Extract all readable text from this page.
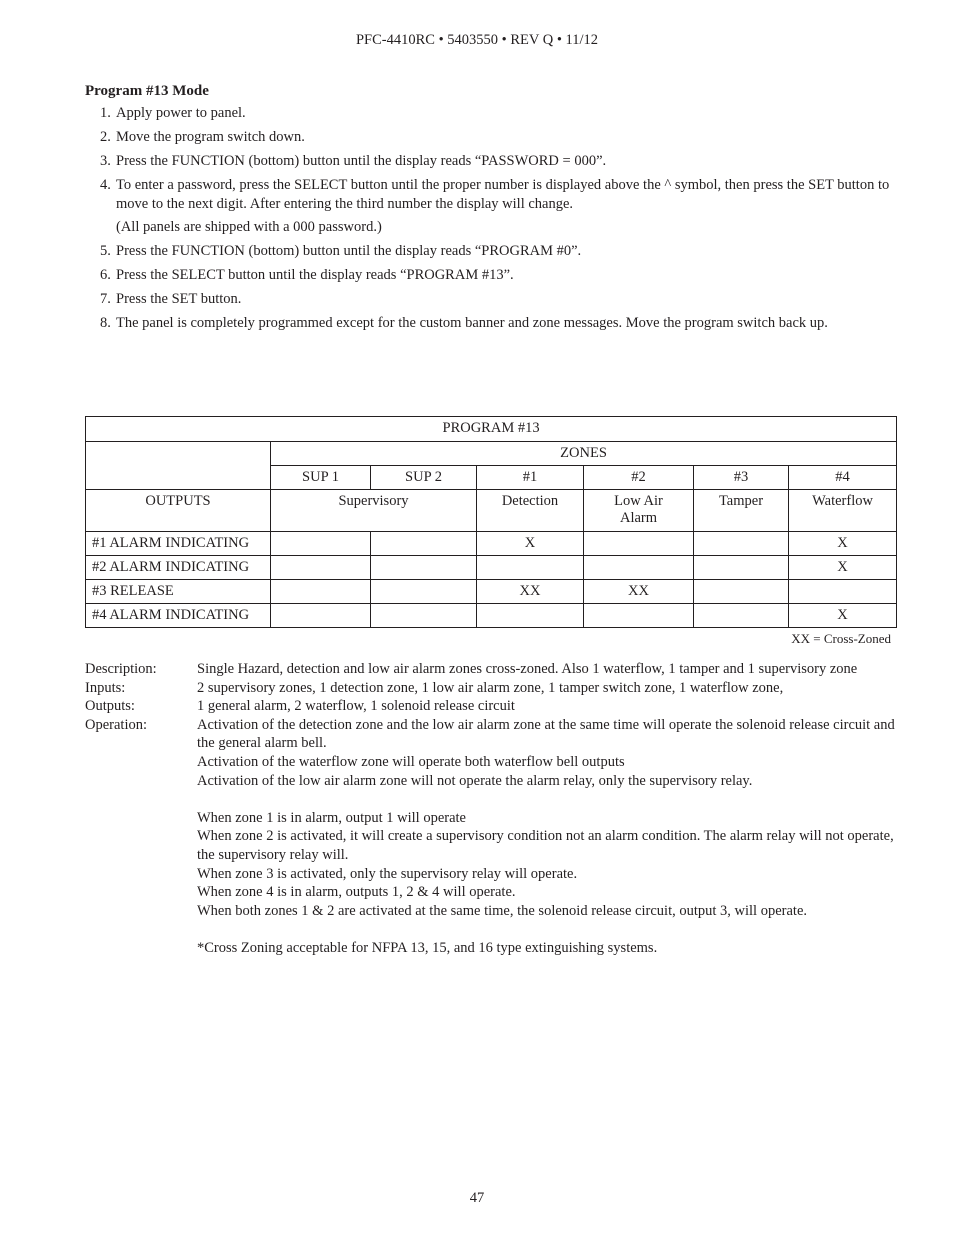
PFC-4410RC • 5403550 • REV Q • 11/12
Program #13 Mode
1. Apply power to panel.
2. Move the program switch down.
3. Press the FUNCTION (bottom) button until the display reads “PASSWORD = 000”.
4. To enter a password, press the SELECT button until the proper number is displayed above the ^ symbol, then press the SET button to move to the next digit. After entering the third number the display will change.
(All panels are shipped with a 000 password.)
5. Press the FUNCTION (bottom) button until the display reads “PROGRAM #0”.
6. Press the SELECT button until the display reads “PROGRAM #13”.
7. Press the SET button.
8. The panel is completely programmed except for the custom banner and zone messages. Move the program switch back up.
PROGRAM #13						
	ZONES					
	SUP 1	SUP 2	#1	#2	#3	#4
OUTPUTS	Supervisory		Detection	Low Air Alarm	Tamper	Waterflow
#1 ALARM INDICATING			X			X
#2 ALARM INDICATING						X
#3 RELEASE			XX	XX		
#4 ALARM INDICATING						X
XX = Cross-Zoned
Description:	Single Hazard, detection and low air alarm zones cross-zoned. Also 1 waterflow, 1 tamper and 1 supervisory zone
Inputs:	2 supervisory zones, 1 detection zone, 1 low air alarm zone, 1 tamper switch zone, 1 waterflow zone,
Outputs:	1 general alarm, 2 waterflow, 1 solenoid release circuit
Operation:	Activation of the detection zone and the low air alarm zone at the same time will operate the solenoid release circuit and the general alarm bell.
Activation of the waterflow zone will operate both waterflow bell outputs
Activation of the low air alarm zone will not operate the alarm relay, only the supervisory relay.
When zone 1 is in alarm, output 1 will operate
When zone 2 is activated, it will create a supervisory condition not an alarm condition. The alarm relay will not operate, the supervisory relay will.
When zone 3 is activated, only the supervisory relay will operate.
When zone 4 is in alarm, outputs 1, 2 & 4 will operate.
When both zones 1 & 2 are activated at the same time, the solenoid release circuit, output 3, will operate.
*Cross Zoning acceptable for NFPA 13, 15, and 16 type extinguishing systems.
47
